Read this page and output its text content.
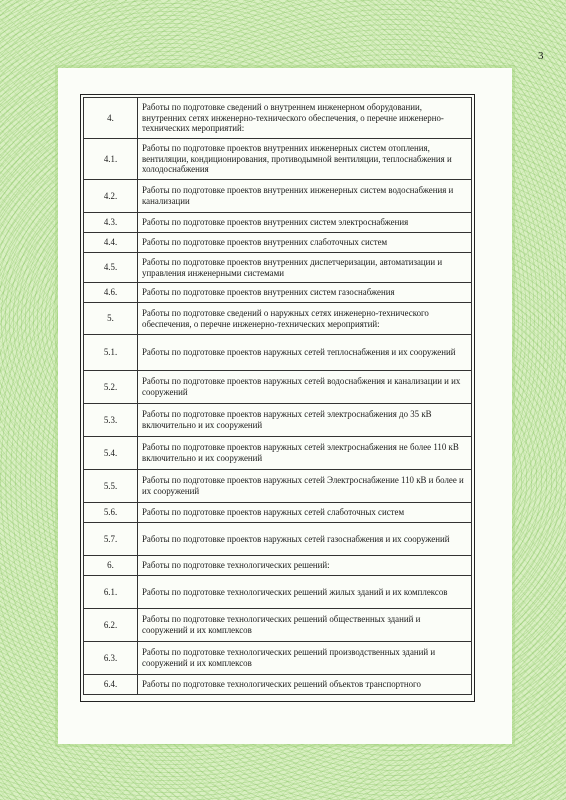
3
4.	Работы по подготовке сведений о внутреннем инженерном оборудовании, внутренних сетях инженерно-технического обеспечения, о перечне инженерно-технических мероприятий:
4.1.	Работы по подготовке проектов внутренних инженерных систем отопления, вентиляции, кондиционирования, противодымной вентиляции, теплоснабжения и холодоснабжения
4.2.	Работы по подготовке проектов внутренних инженерных систем водоснабжения и канализации
4.3.	Работы по подготовке проектов внутренних систем электроснабжения
4.4.	Работы по подготовке проектов внутренних слаботочных систем
4.5.	Работы по подготовке проектов внутренних диспетчеризации, автоматизации и управления инженерными системами
4.6.	Работы по подготовке проектов внутренних систем газоснабжения
5.	Работы по подготовке сведений о наружных сетях инженерно-технического обеспечения, о перечне инженерно-технических мероприятий:
5.1.	Работы по подготовке проектов наружных сетей теплоснабжения и их сооружений
5.2.	Работы по подготовке проектов наружных сетей водоснабжения и канализации и их сооружений
5.3.	Работы по подготовке проектов наружных сетей электроснабжения до 35 кВ включительно и их сооружений
5.4.	Работы по подготовке проектов наружных сетей электроснабжения не более 110 кВ включительно и их сооружений
5.5.	Работы по подготовке проектов наружных сетей Электроснабжение 110 кВ и более и их сооружений
5.6.	Работы по подготовке проектов наружных сетей слаботочных систем
5.7.	Работы по подготовке проектов наружных сетей газоснабжения и их сооружений
6.	Работы по подготовке технологических решений:
6.1.	Работы по подготовке технологических решений жилых зданий и их комплексов
6.2.	Работы по подготовке технологических решений общественных зданий и сооружений и их комплексов
6.3.	Работы по подготовке технологических решений производственных зданий и сооружений и их комплексов
6.4.	Работы по подготовке технологических решений объектов транспортного
